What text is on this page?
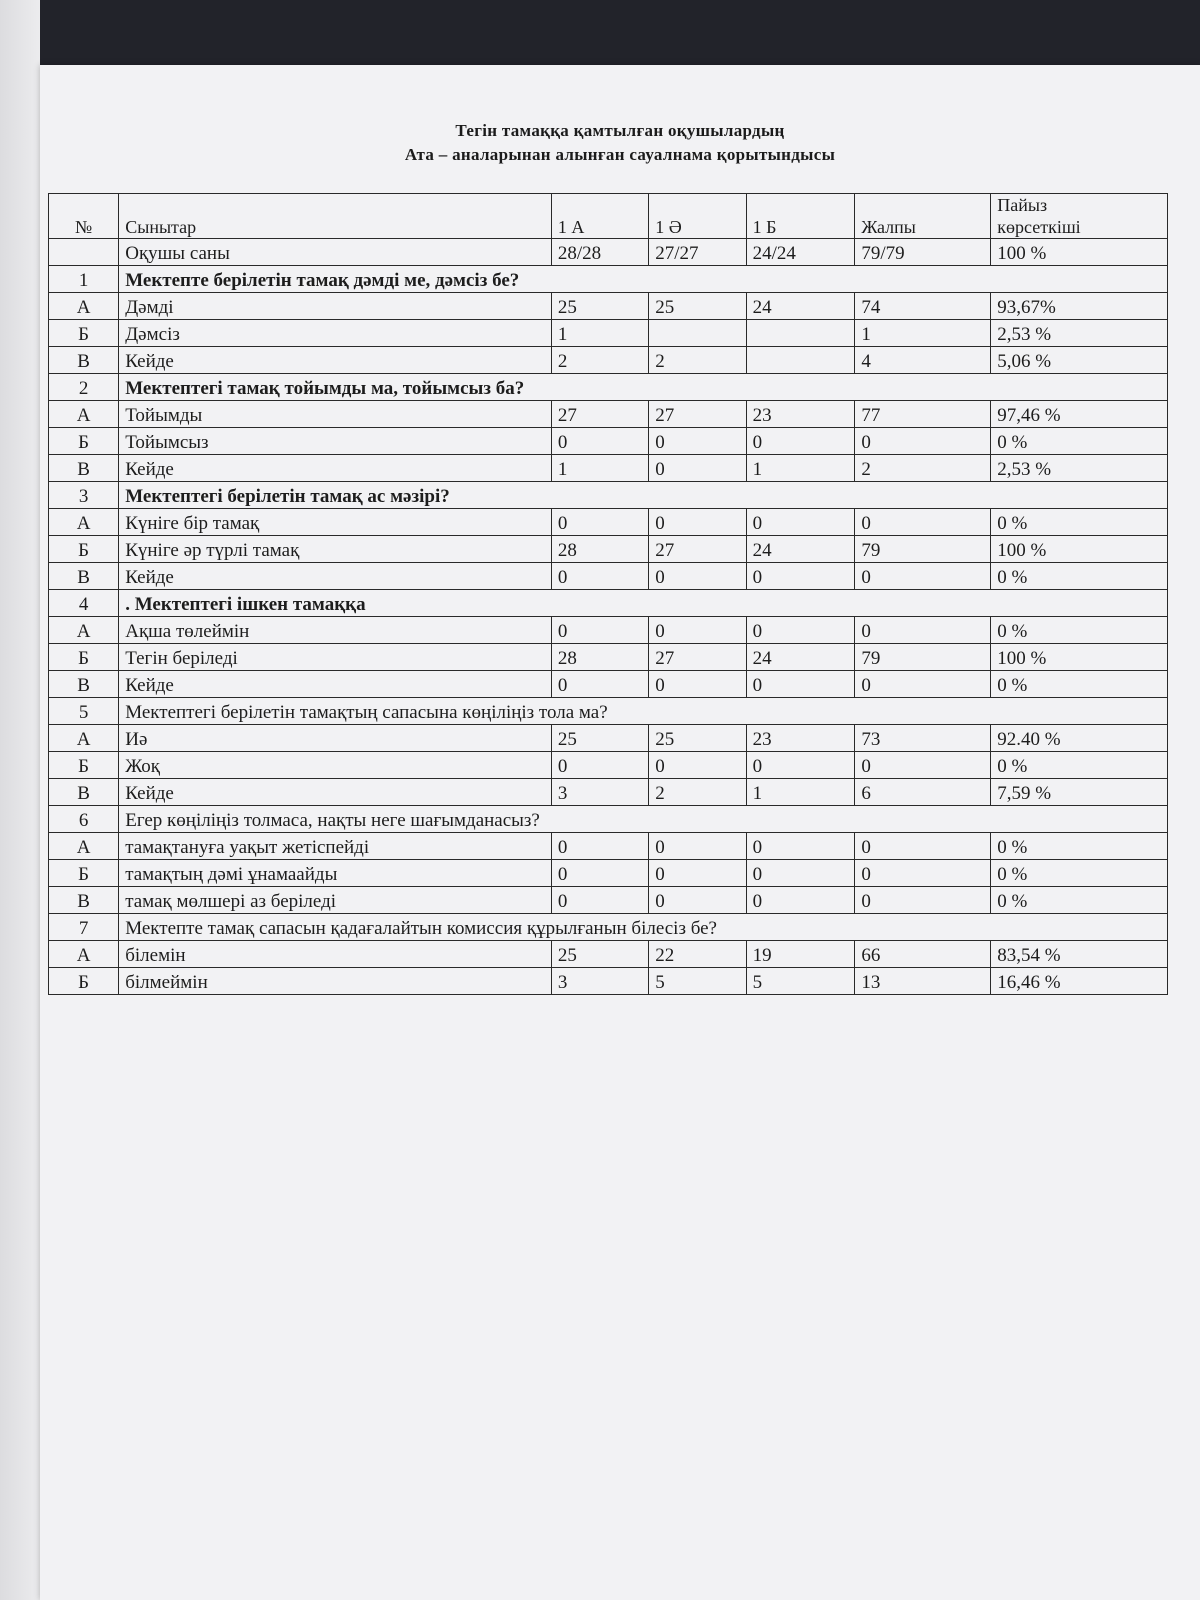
Тегін тамаққа қамтылған оқушылардың
Ата – аналарынан алынған сауалнама қорытындысы
№	Сынытар	1 А	1 Ә	1 Б	Жалпы	Пайыз
көрсеткіші

	Оқушы саны	28/28	27/27	24/24	79/79	100 %
1	Мектепте берілетін тамақ дәмді ме, дәмсіз бе?					
А	Дәмді	25	25	24	74	93,67%
Б	Дәмсіз	1			1	2,53 %
В	Кейде	2	2		4	5,06 %
2	Мектептегі тамақ тойымды ма, тойымсыз ба?					
А	Тойымды	27	27	23	77	97,46 %
Б	Тойымсыз	0	0	0	0	0 %
В	Кейде	1	0	1	2	2,53 %
3	Мектептегі берілетін тамақ ас мәзірі?					
А	Күніге бір тамақ	0	0	0	0	0 %
Б	Күніге әр түрлі тамақ	28	27	24	79	100 %
В	Кейде	0	0	0	0	0 %
4	. Мектептегі ішкен тамаққа					
А	Ақша төлеймін	0	0	0	0	0 %
Б	Тегін беріледі	28	27	24	79	100 %
В	Кейде	0	0	0	0	0 %
5	Мектептегі берілетін тамақтың сапасына көңіліңіз тола ма?					
А	Иә	25	25	23	73	92.40 %
Б	Жоқ	0	0	0	0	0 %
В	Кейде	3	2	1	6	7,59 %
6	Егер көңіліңіз толмаса, нақты неге шағымданасыз?					
А	тамақтануға уақыт жетіспейді	0	0	0	0	0 %
Б	тамақтың дәмі ұнамаайды	0	0	0	0	0 %
В	тамақ мөлшері аз беріледі	0	0	0	0	0 %
7	Мектепте тамақ сапасын қадағалайтын комиссия құрылғанын білесіз бе?					
А	білемін	25	22	19	66	83,54 %
Б	білмеймін	3	5	5	13	16,46 %
